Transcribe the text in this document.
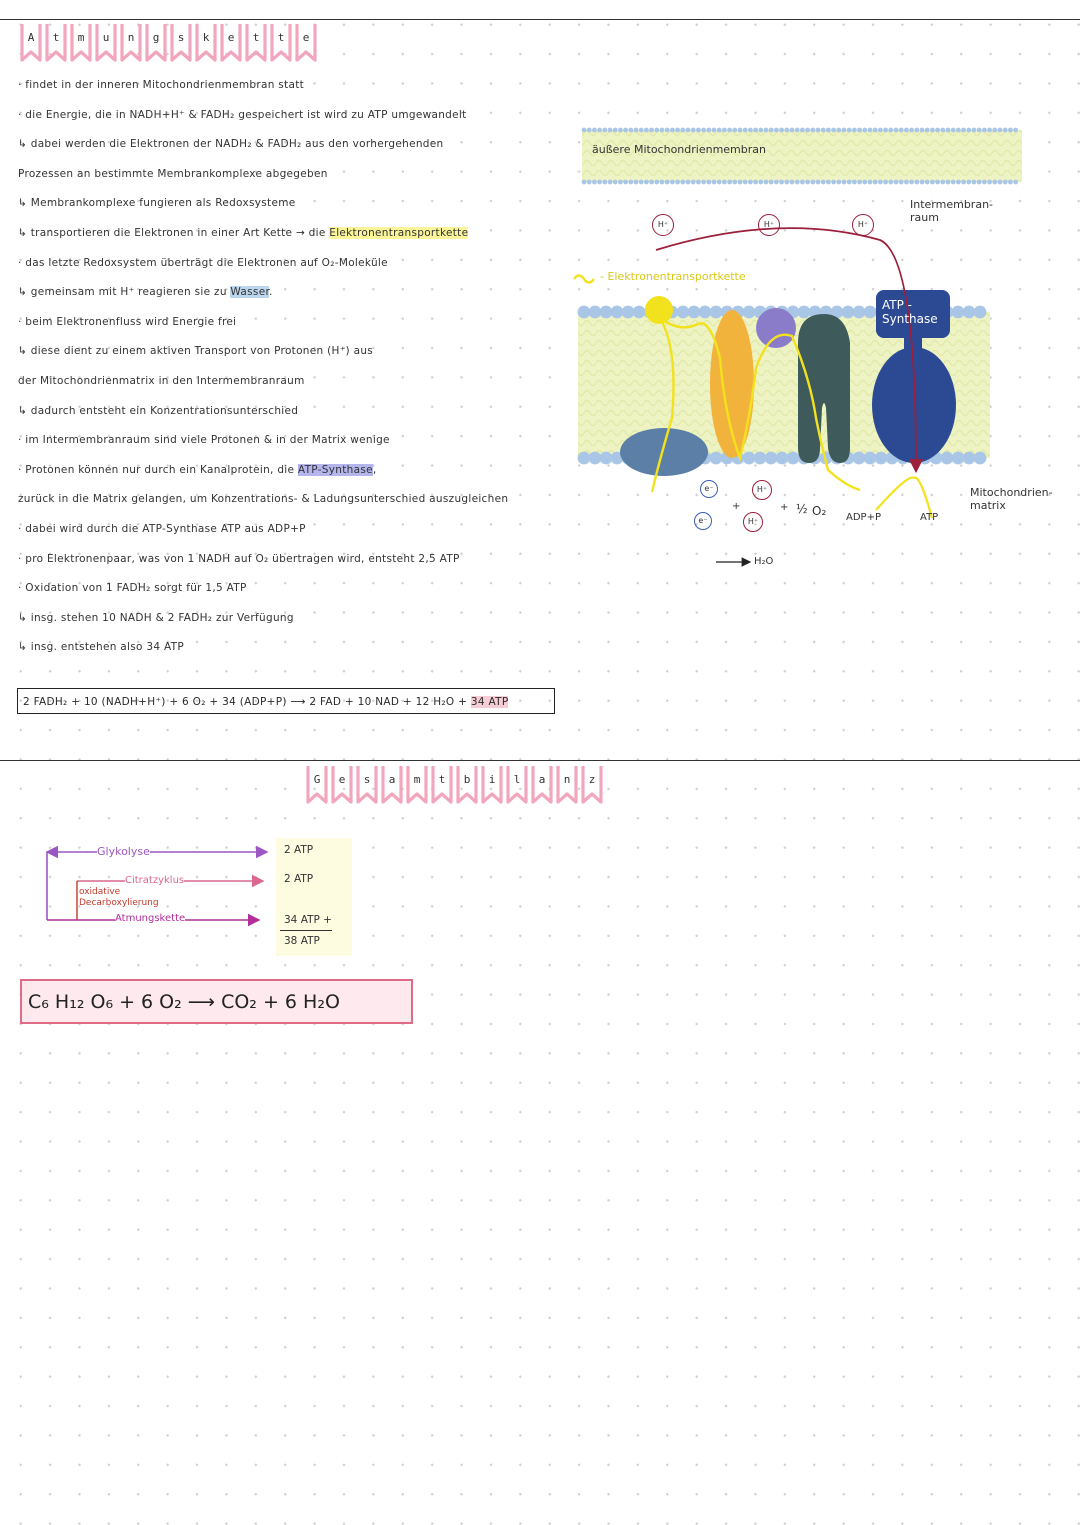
A	t	m	u	n	g	s	k	e	t	t	e
· findet in der inneren Mitochondrienmembran statt
· die Energie, die in NADH+H⁺ & FADH₂ gespeichert ist wird zu ATP umgewandelt
↳ dabei werden die Elektronen der NADH₂ & FADH₂ aus den vorhergehenden
Prozessen an bestimmte Membrankomplexe abgegeben
↳ Membrankomplexe fungieren als Redoxsysteme
↳ transportieren die Elektronen in einer Art Kette → die Elektronentransportkette
· das letzte Redoxsystem überträgt die Elektronen auf O₂-Moleküle
↳ gemeinsam mit H⁺ reagieren sie zu Wasser.
· beim Elektronenfluss wird Energie frei
↳ diese dient zu einem aktiven Transport von Protonen (H⁺) aus
der Mitochondrienmatrix in den Intermembranraum
↳ dadurch entsteht ein Konzentrationsunterschied
· im Intermembranraum sind viele Protonen & in der Matrix wenige
· Protonen können nur durch ein Kanalprotein, die ATP-Synthase,
zurück in die Matrix gelangen, um Konzentrations- & Ladungsunterschied auszugleichen
· dabei wird durch die ATP-Synthase ATP aus ADP+P
· pro Elektronenpaar, was von 1 NADH auf O₂ übertragen wird, entsteht 2,5 ATP
· Oxidation von 1 FADH₂ sorgt für 1,5 ATP
↳ insg. stehen 10 NADH & 2 FADH₂ zur Verfügung
↳ insg. entstehen also 34 ATP
2 FADH₂ + 10 (NADH+H⁺) + 6 O₂ + 34 (ADP+P) ⟶ 2 FAD + 10 NAD + 12 H₂O + 34 ATP
äußere Mitochondrienmembran
Intermembran-
raum
- Elektronentransportkette
ATP -
Synthase
Mitochondrien-
matrix
H⁺	H⁺	H⁺
e⁻	H⁺
+
e⁻	H⁺
+ ½ O₂ ADP+P	ATP
H₂O
G	e	s	a	m	t	b	i	l	a	n	z
Glykolyse
Citratzyklus
oxidative
Decarboxylierung
Atmungskette
2 ATP
2 ATP
34 ATP +
38 ATP
C₆ H₁₂ O₆ + 6 O₂ ⟶ CO₂ + 6 H₂O
